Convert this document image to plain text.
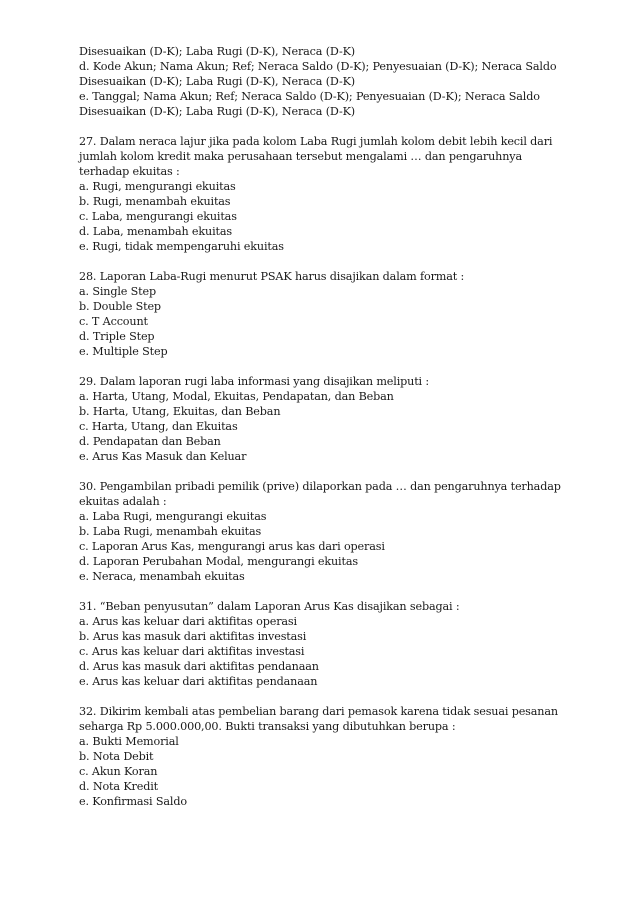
Disesuaikan (D-K); Laba Rugi (D-K), Neraca (D-K)
d. Kode Akun; Nama Akun; Ref; Neraca Saldo (D-K); Penyesuaian (D-K); Neraca Saldo
Disesuaikan (D-K); Laba Rugi (D-K), Neraca (D-K)
e. Tanggal; Nama Akun; Ref; Neraca Saldo (D-K); Penyesuaian (D-K); Neraca Saldo
Disesuaikan (D-K); Laba Rugi (D-K), Neraca (D-K)
27. Dalam neraca lajur jika pada kolom Laba Rugi jumlah kolom debit lebih kecil dari
jumlah kolom kredit maka perusahaan tersebut mengalami … dan pengaruhnya
terhadap ekuitas :
a. Rugi, mengurangi ekuitas
b. Rugi, menambah ekuitas
c. Laba, mengurangi ekuitas
d. Laba, menambah ekuitas
e. Rugi, tidak mempengaruhi ekuitas
28. Laporan Laba-Rugi menurut PSAK harus disajikan dalam format :
a. Single Step
b. Double Step
c. T Account
d. Triple Step
e. Multiple Step
29. Dalam laporan rugi laba informasi yang disajikan meliputi :
a. Harta, Utang, Modal, Ekuitas, Pendapatan, dan Beban
b. Harta, Utang, Ekuitas, dan Beban
c. Harta, Utang, dan Ekuitas
d. Pendapatan dan Beban
e. Arus Kas Masuk dan Keluar
30. Pengambilan pribadi pemilik (prive) dilaporkan pada … dan pengaruhnya terhadap
ekuitas adalah :
a. Laba Rugi, mengurangi ekuitas
b. Laba Rugi, menambah ekuitas
c. Laporan Arus Kas, mengurangi arus kas dari operasi
d. Laporan Perubahan Modal, mengurangi ekuitas
e. Neraca, menambah ekuitas
31. “Beban penyusutan” dalam Laporan Arus Kas disajikan sebagai :
a. Arus kas keluar dari aktifitas operasi
b. Arus kas masuk dari aktifitas investasi
c. Arus kas keluar dari aktifitas investasi
d. Arus kas masuk dari aktifitas pendanaan
e. Arus kas keluar dari aktifitas pendanaan
32. Dikirim kembali atas pembelian barang dari pemasok karena tidak sesuai pesanan
seharga Rp 5.000.000,00. Bukti transaksi yang dibutuhkan berupa :
a. Bukti Memorial
b. Nota Debit
c. Akun Koran
d. Nota Kredit
e. Konfirmasi Saldo
